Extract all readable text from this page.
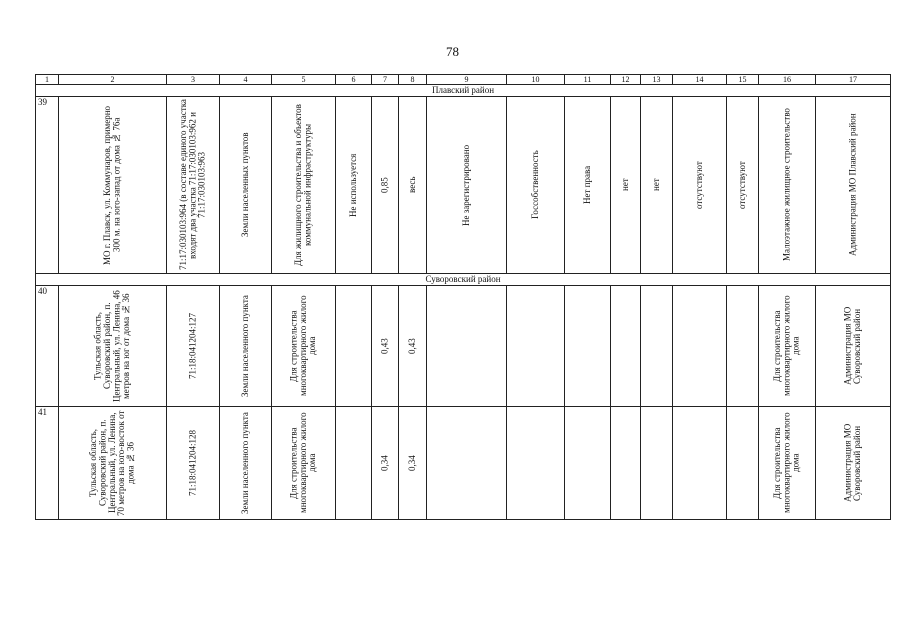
78
1	2	3	4	5	6	7	8	9	10	11	12	13	14	15	16	17
Плавский район																
39	МО г. Плавск, ул. Коммунаров, примерно 300 м. на юго-запад от дома № 76а	71:17:030103:964 (в составе единого участка входят два участка 71:17:030103:962 и 71:17:030103:963	Земли населенных пунктов	Для жилищного строительства и объектов коммунальной инфраструктуры	Не используется	0,85	весь	Не зарегистрировано	Госсобственность	Нет права	нет	нет	отсутствуют	отсутствуют	Малоэтажное жилищное строительство	Администрация МО Плавский район

Суворовский район																
40	Тульская область, Суворовский район, п. Центральный, ул. Ленина, 46 метров на юг от дома № 36	71:18:041204:127	Земли населенного пункта	Для строительства многоквартирного жилого дома		0,43	0,43								Для строительства многоквартирного жилого дома	Администрация МО Суворовский район

41	Тульская область, Суворовский район, п. Центральный, ул. Ленина, 70 метров на юго-восток от дома № 36	71:18:041204:128	Земли населенного пункта	Для строительства многоквартирного жилого дома		0,34	0,34								Для строительства многоквартирного жилого дома	Администрация МО Суворовский район
